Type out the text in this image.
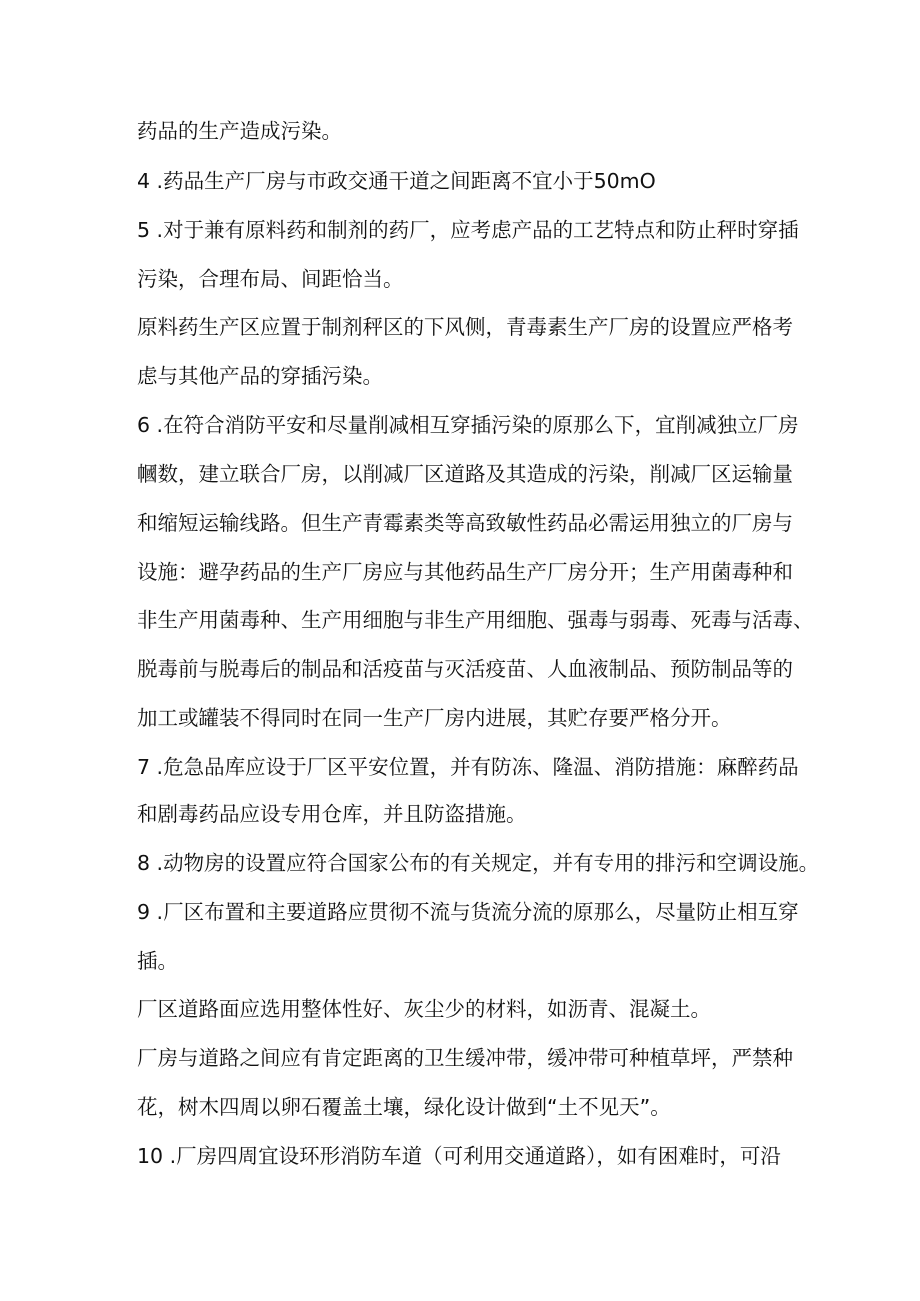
药品的生产造成污染。
4 .药品生产厂房与市政交通干道之间距离不宜小于50mO
5 .对于兼有原料药和制剂的药厂，应考虑产品的工艺特点和防止秤时穿插
污染，合理布局、间距恰当。
原料药生产区应置于制剂秤区的下风侧，青毒素生产厂房的设置应严格考
虑与其他产品的穿插污染。
6 .在符合消防平安和尽量削减相互穿插污染的原那么下，宜削减独立厂房
幗数，建立联合厂房，以削减厂区道路及其造成的污染，削减厂区运输量
和缩短运输线路。但生产青霉素类等高致敏性药品必需运用独立的厂房与
设施：避孕药品的生产厂房应与其他药品生产厂房分开；生产用菌毒种和
非生产用菌毒种、生产用细胞与非生产用细胞、强毒与弱毒、死毒与活毒、
脱毒前与脱毒后的制品和活疫苗与灭活疫苗、人血液制品、预防制品等的
加工或罐装不得同时在同一生产厂房内进展，其贮存要严格分开。
7 .危急品库应设于厂区平安位置，并有防冻、隆温、消防措施：麻醉药品
和剧毒药品应设专用仓库，并且防盗措施。
8 .动物房的设置应符合国家公布的有关规定，并有专用的排污和空调设施。
9 .厂区布置和主要道路应贯彻不流与货流分流的原那么，尽量防止相互穿
插。
厂区道路面应选用整体性好、灰尘少的材料，如沥青、混凝土。
厂房与道路之间应有肯定距离的卫生缓冲带，缓冲带可种植草坪，严禁种
花，树木四周以卵石覆盖土壤，绿化设计做到“土不见天”。
10 .厂房四周宜设环形消防车道（可利用交通道路），如有困难时，可沿
